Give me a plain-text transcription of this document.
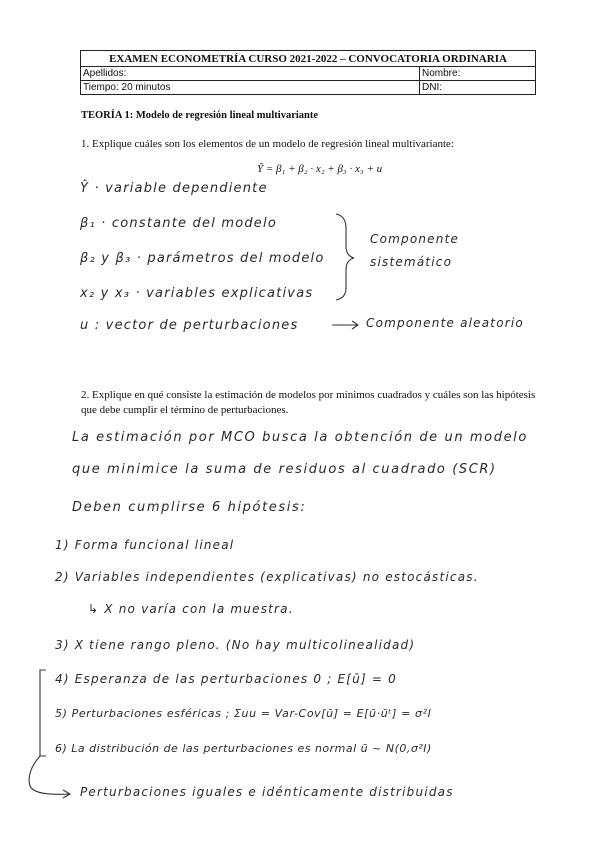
EXAMEN ECONOMETRÍA CURSO 2021-2022 – CONVOCATORIA ORDINARIA
Apellidos:	Nombre:
Tiempo: 20 minutos	DNI:
TEORÍA 1: Modelo de regresión lineal multivariante
1. Explique cuáles son los elementos de un modelo de regresión lineal multivariante:
Ŷ = β₁ + β₂ · x₂ + β₃ · x₃ + u
Ŷ · variable dependiente
β₁ · constante del modelo
β₂ y β₃ · parámetros del modelo
x₂ y x₃ · variables explicativas
u : vector de perturbaciones
Componente
sistemático
Componente aleatorio
2. Explique en qué consiste la estimación de modelos por mínimos cuadrados y cuáles son las hipótesis que debe cumplir el término de perturbaciones.
La estimación por MCO busca la obtención de un modelo
que minimice la suma de residuos al cuadrado (SCR)
Deben cumplirse 6 hipótesis:
1) Forma funcional lineal
2) Variables independientes (explicativas) no estocásticas.
↳ X no varía con la muestra.
3) X tiene rango pleno. (No hay multicolinealidad)
4) Esperanza de las perturbaciones 0 ; E[ū] = 0
5) Perturbaciones esféricas ; Σuu = Var-Cov[ū] = E[ū·ūᵗ] = σ²I
6) La distribución de las perturbaciones es normal ū ~ N(0,σ²I)
Perturbaciones iguales e idénticamente distribuidas
